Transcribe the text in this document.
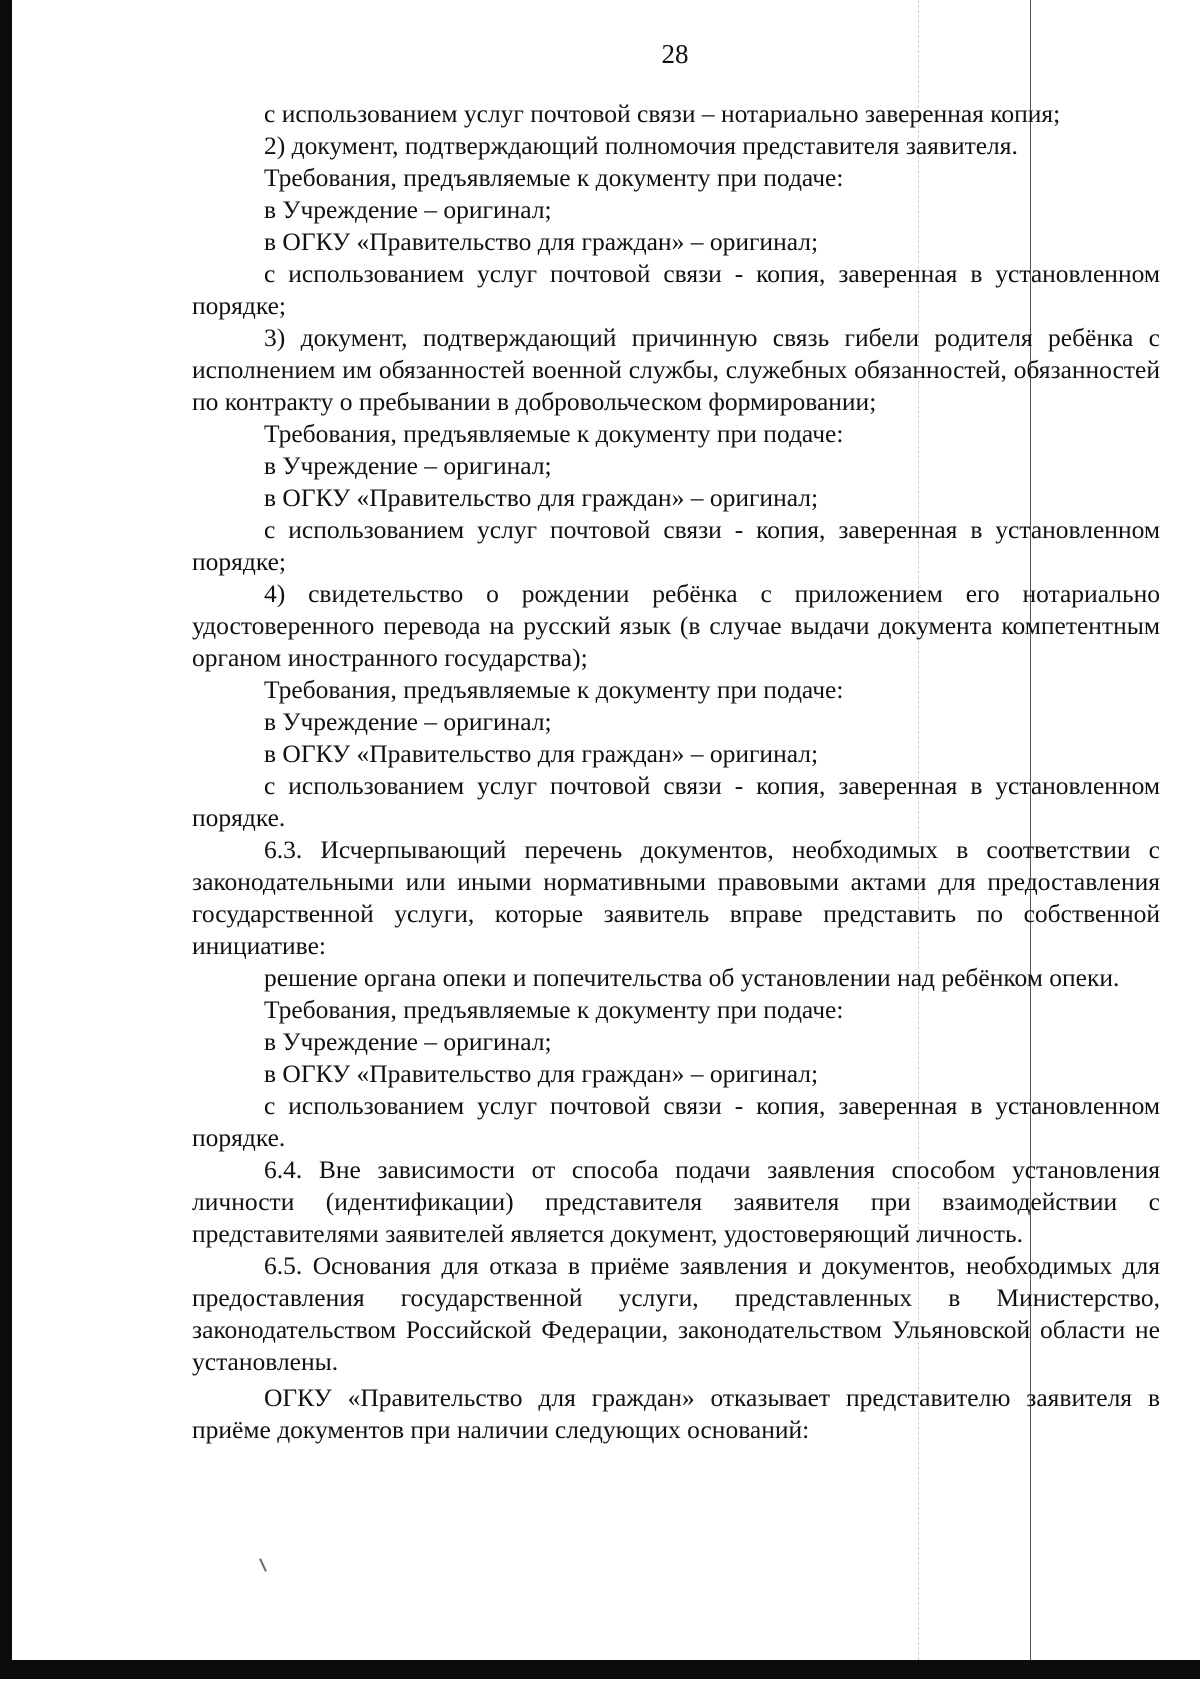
28

с использованием услуг почтовой связи – нотариально заверенная копия;

2) документ, подтверждающий полномочия представителя заявителя.

Требования, предъявляемые к документу при подаче:

в Учреждение – оригинал;

в ОГКУ «Правительство для граждан» – оригинал;

с использованием услуг почтовой связи - копия, заверенная в установленном порядке;

3) документ, подтверждающий причинную связь гибели родителя ребёнка с исполнением им обязанностей военной службы, служебных обязанностей, обязанностей по контракту о пребывании в добровольческом формировании;

Требования, предъявляемые к документу при подаче:

в Учреждение – оригинал;

в ОГКУ «Правительство для граждан» – оригинал;

с использованием услуг почтовой связи - копия, заверенная в установленном порядке;

4) свидетельство о рождении ребёнка с приложением его нотариально удостоверенного перевода на русский язык (в случае выдачи документа компетентным органом иностранного государства);

Требования, предъявляемые к документу при подаче:

в Учреждение – оригинал;

в ОГКУ «Правительство для граждан» – оригинал;

с использованием услуг почтовой связи - копия, заверенная в установленном порядке.

6.3. Исчерпывающий перечень документов, необходимых в соответствии с законодательными или иными нормативными правовыми актами для предоставления государственной услуги, которые заявитель вправе представить по собственной инициативе:

решение органа опеки и попечительства об установлении над ребёнком опеки.

Требования, предъявляемые к документу при подаче:

в Учреждение – оригинал;

в ОГКУ «Правительство для граждан» – оригинал;

с использованием услуг почтовой связи - копия, заверенная в установленном порядке.

6.4. Вне зависимости от способа подачи заявления способом установления личности (идентификации) представителя заявителя при взаимодействии с представителями заявителей является документ, удостоверяющий личность.

6.5. Основания для отказа в приёме заявления и документов, необходимых для предоставления государственной услуги, представленных в Министерство, законодательством Российской Федерации, законодательством Ульяновской области не установлены.

ОГКУ «Правительство для граждан» отказывает представителю заявителя в приёме документов при наличии следующих оснований:
